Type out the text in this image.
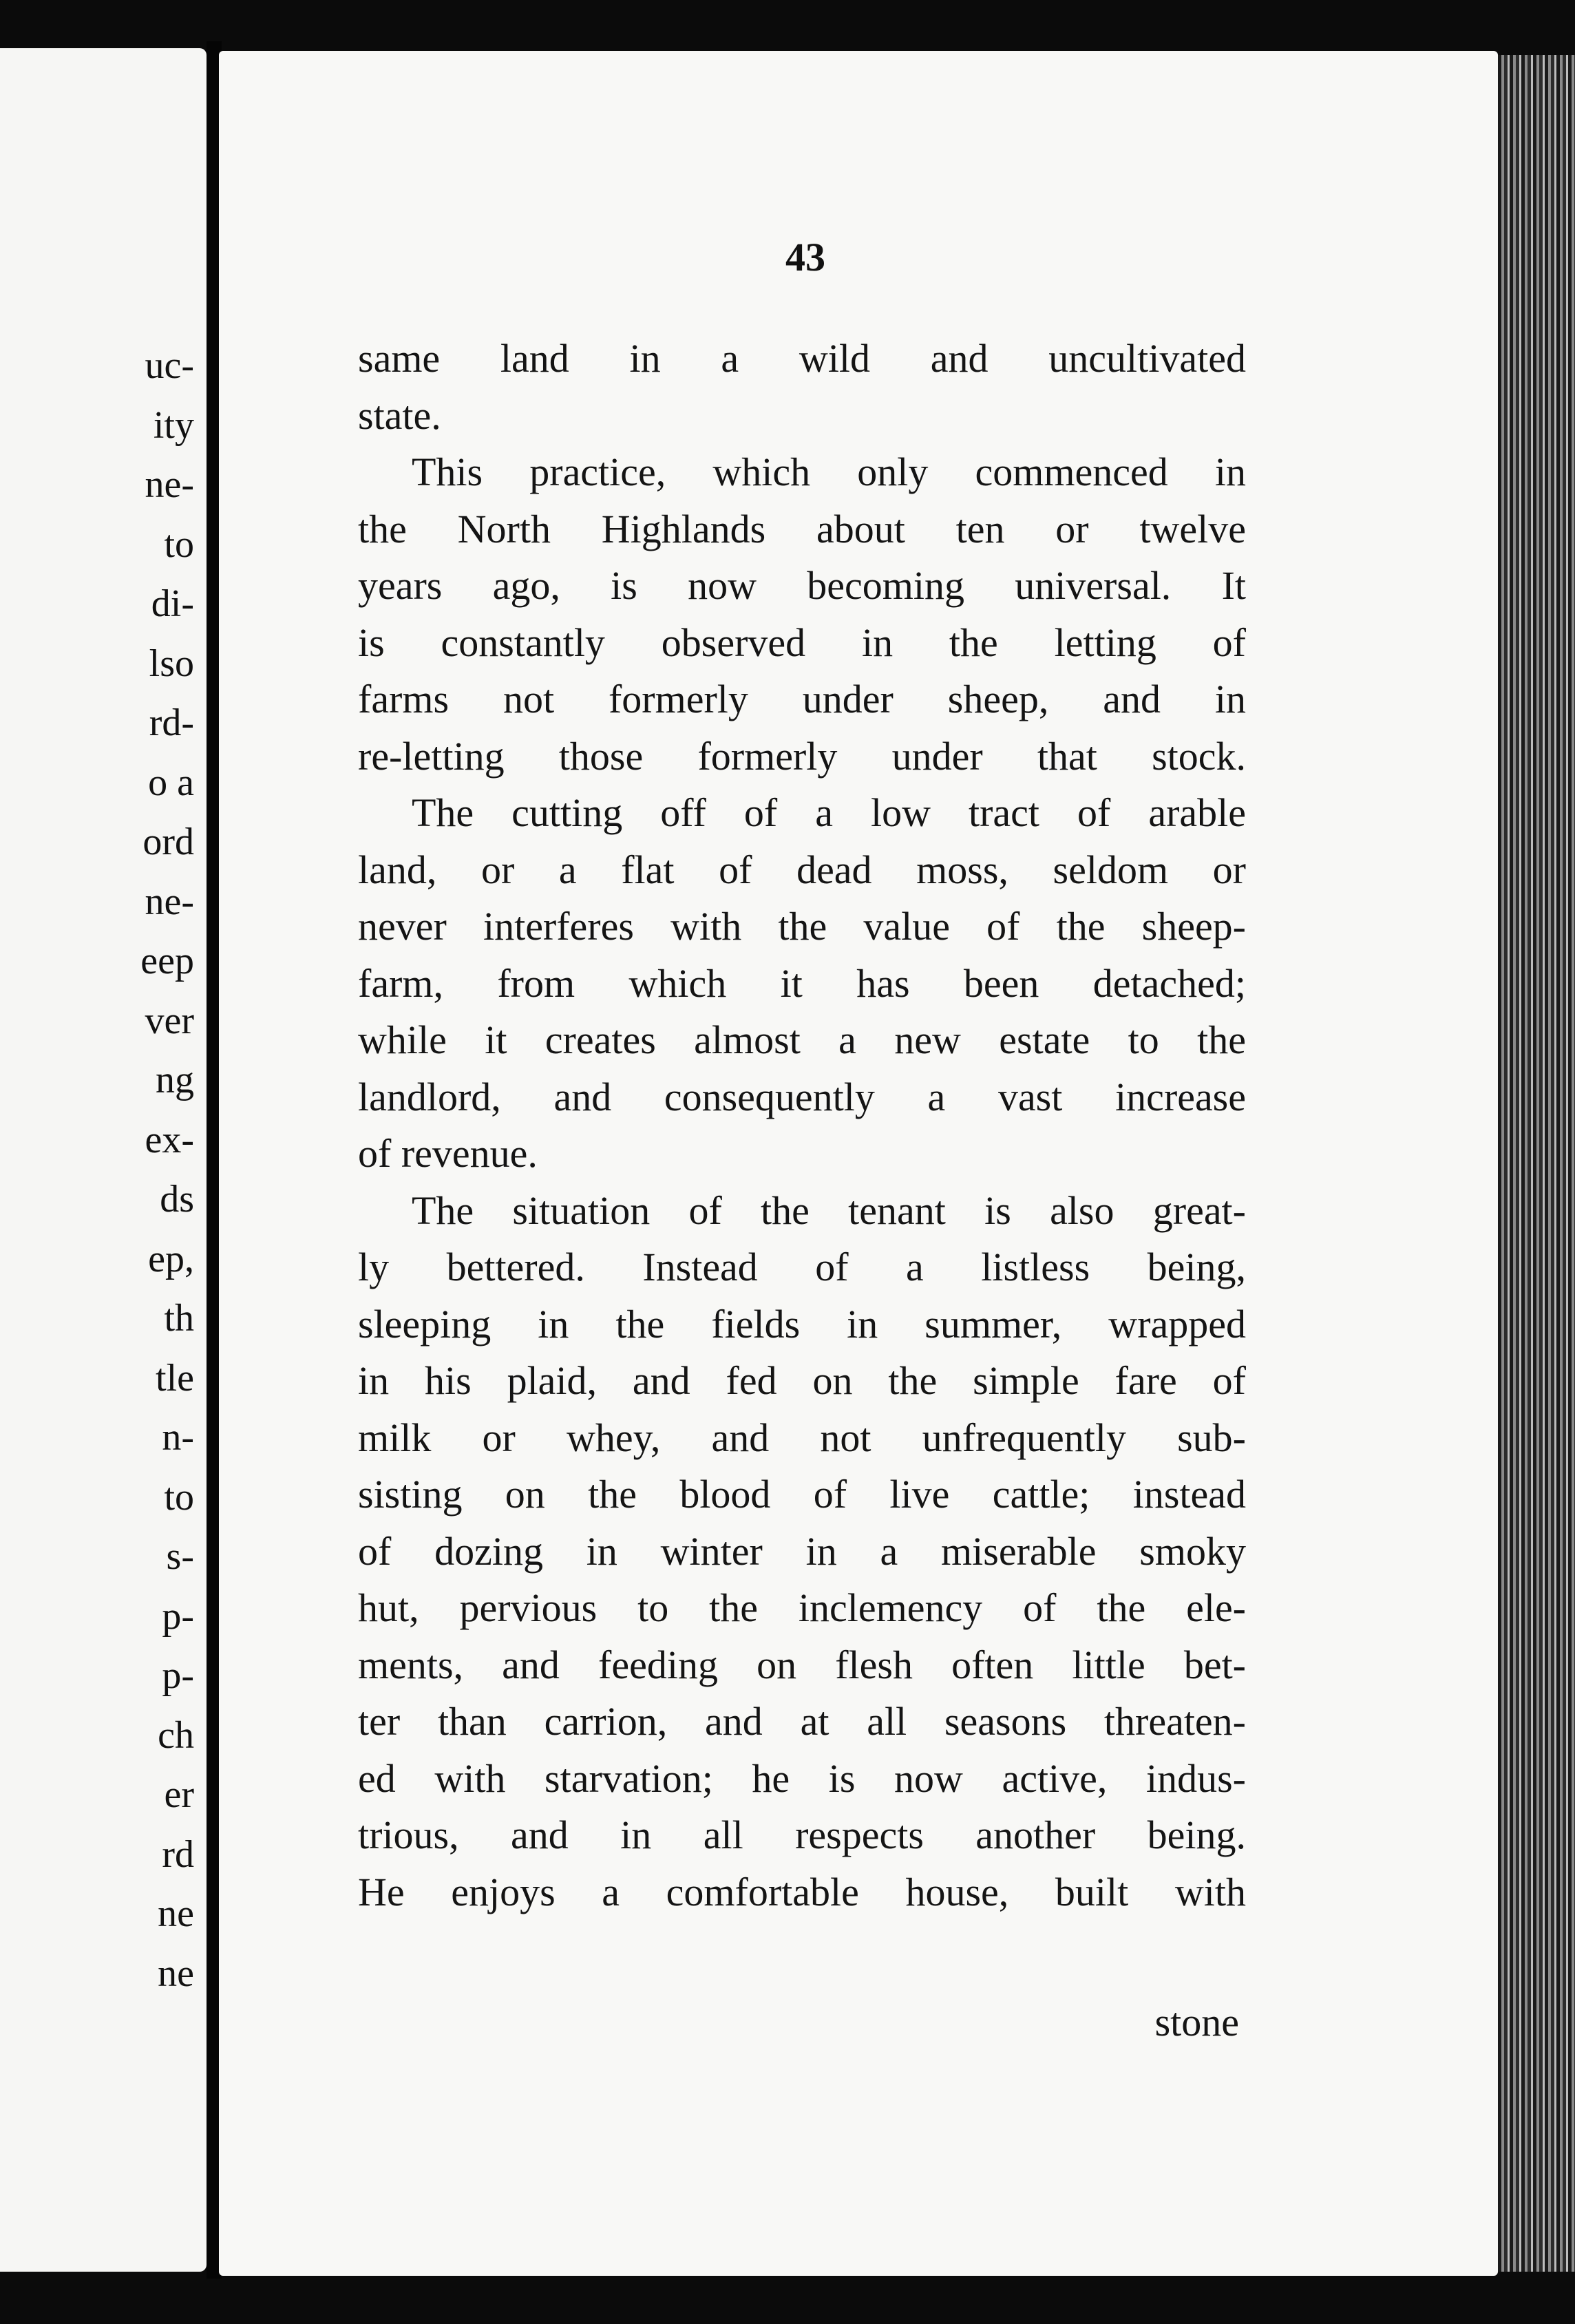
uc-
ity
ne-
to
di-
lso
rd-
o a
ord
ne-
eep
ver
ng
ex-
ds
ep,
th
tle
n-
to
s-
p-
p-
ch
er
rd
ne
ne
43
same land in a wild and uncultivated
state.
This practice, which only commenced in
the North Highlands about ten or twelve
years ago, is now becoming universal. It
is constantly observed in the letting of
farms not formerly under sheep, and in
re-letting those formerly under that stock.
The cutting off of a low tract of arable
land, or a flat of dead moss, seldom or
never interferes with the value of the sheep-
farm, from which it has been detached;
while it creates almost a new estate to the
landlord, and consequently a vast increase
of revenue.
The situation of the tenant is also great-
ly bettered. Instead of a listless being,
sleeping in the fields in summer, wrapped
in his plaid, and fed on the simple fare of
milk or whey, and not unfrequently sub-
sisting on the blood of live cattle; instead
of dozing in winter in a miserable smoky
hut, pervious to the inclemency of the ele-
ments, and feeding on flesh often little bet-
ter than carrion, and at all seasons threaten-
ed with starvation; he is now active, indus-
trious, and in all respects another being.
He enjoys a comfortable house, built with
stone
